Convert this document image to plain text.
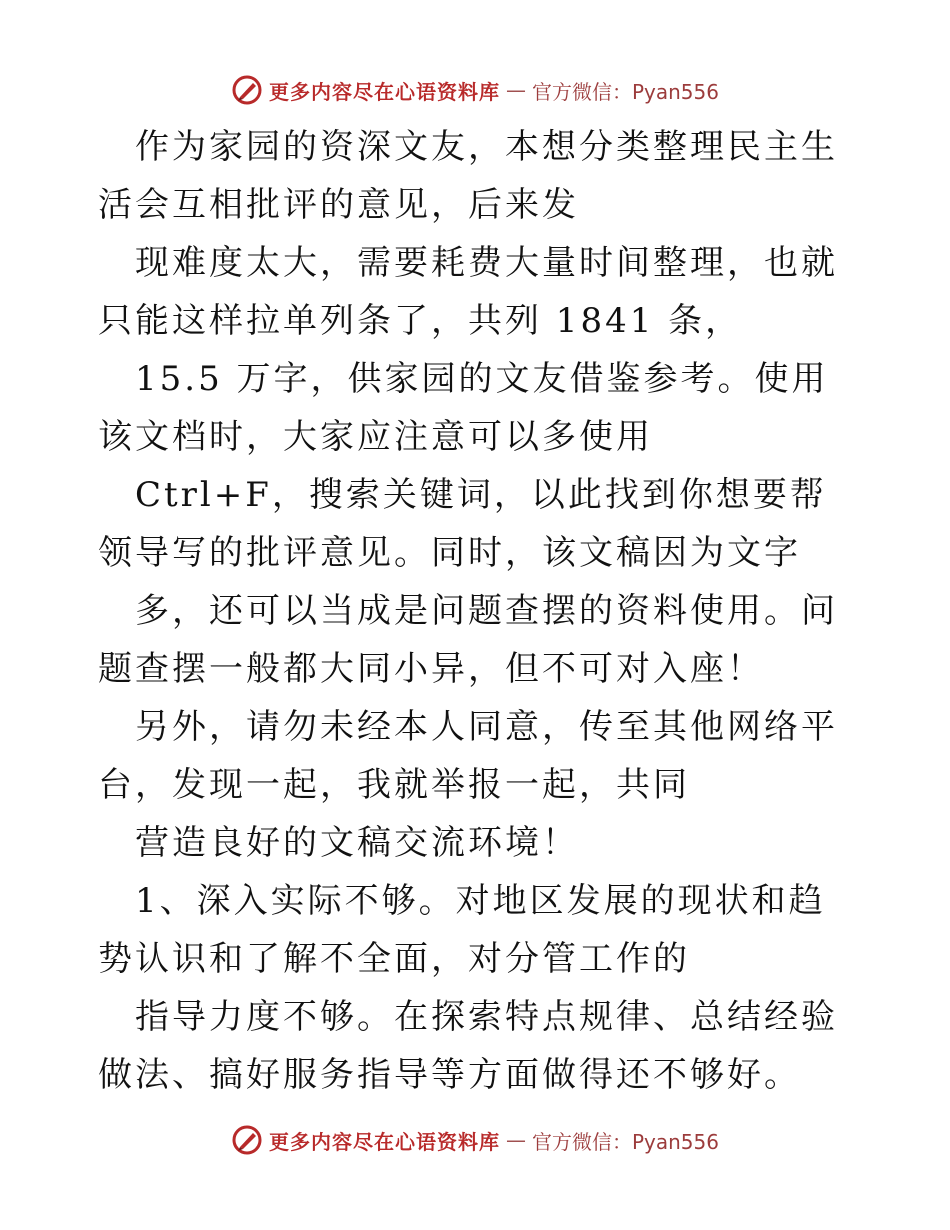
更多内容尽在心语资料库 — 官方微信：Pyan556

作为家园的资深文友，本想分类整理民主生活会互相批评的意见，后来发

现难度太大，需要耗费大量时间整理，也就只能这样拉单列条了，共列 1841 条，

15.5 万字，供家园的文友借鉴参考。使用该文档时，大家应注意可以多使用

Ctrl+F，搜索关键词，以此找到你想要帮领导写的批评意见。同时，该文稿因为文字

多，还可以当成是问题查摆的资料使用。问题查摆一般都大同小异，但不可对入座！

另外，请勿未经本人同意，传至其他网络平台，发现一起，我就举报一起，共同

营造良好的文稿交流环境！

1、深入实际不够。对地区发展的现状和趋势认识和了解不全面，对分管工作的

指导力度不够。在探索特点规律、总结经验做法、搞好服务指导等方面做得还不够好。

更多内容尽在心语资料库 — 官方微信：Pyan556
